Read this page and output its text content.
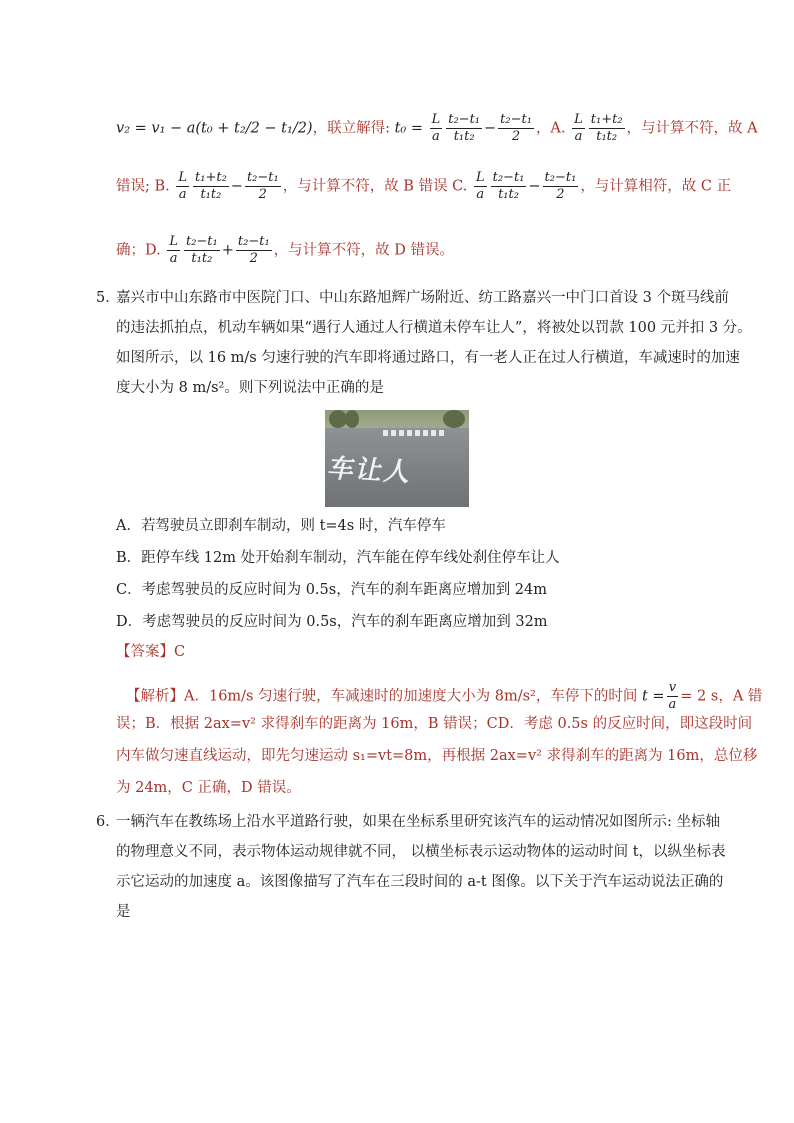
v₂ = v₁ − a(t₀ + t₂/2 − t₁/2)，联立解得: $t_0 = \frac{L}{a} \frac{\text{t₂−t₁}}{\text{t₁t₂}} - \frac{\text{t₂−t₁}}{2}$ ，A. $\frac{L}{a} \frac{\text{t₁+t₂}}{\text{t₁t₂}}$ ，与计算不符，故 A
错误; B. $\frac{L}{a} \frac{\text{t₁+t₂}}{\text{t₁t₂}} - \frac{\text{t₂−t₁}}{2}$ ，与计算不符，故 B 错误 C. $\frac{L}{a} \frac{\text{t₂−t₁}}{\text{t₁t₂}} - \frac{\text{t₂−t₁}}{2}$ ，与计算相符，故 C 正
确；D. $\frac{L}{a} \frac{\text{t₂−t₁}}{\text{t₁t₂}} + \frac{\text{t₂−t₁}}{2}$ ，与计算不符，故 D 错误。
5．
嘉兴市中山东路市中医院门口、中山东路旭辉广场附近、纺工路嘉兴一中门口首设 3 个斑马线前
的违法抓拍点，机动车辆如果“遇行人通过人行横道未停车让人”，将被处以罚款 100 元并扣 3 分。
如图所示，以 16 m/s 匀速行驶的汽车即将通过路口，有一老人正在过人行横道，车减速时的加速
度大小为 8 m/s²。则下列说法中正确的是
车让人
A．若驾驶员立即刹车制动，则 t=4s 时，汽车停车
B．距停车线 12m 处开始刹车制动，汽车能在停车线处刹住停车让人
C．考虑驾驶员的反应时间为 0.5s，汽车的刹车距离应增加到 24m
D．考虑驾驶员的反应时间为 0.5s，汽车的刹车距离应增加到 32m
【答案】C
【解析】A．16m/s 匀速行驶，车减速时的加速度大小为 8m/s²，车停下的时间 $t = \frac{v}{a} = 2$ s，A 错
误；B．根据 2ax=v² 求得刹车的距离为 16m，B 错误；CD．考虑 0.5s 的反应时间，即这段时间
内车做匀速直线运动，即先匀速运动 s₁=vt=8m，再根据 2ax=v² 求得刹车的距离为 16m，总位移
为 24m，C 正确，D 错误。
6．
一辆汽车在教练场上沿水平道路行驶，如果在坐标系里研究该汽车的运动情况如图所示: 坐标轴
的物理意义不同，表示物体运动规律就不同， 以横坐标表示运动物体的运动时间 t，以纵坐标表
示它运动的加速度 a。该图像描写了汽车在三段时间的 a-t 图像。以下关于汽车运动说法正确的
是
